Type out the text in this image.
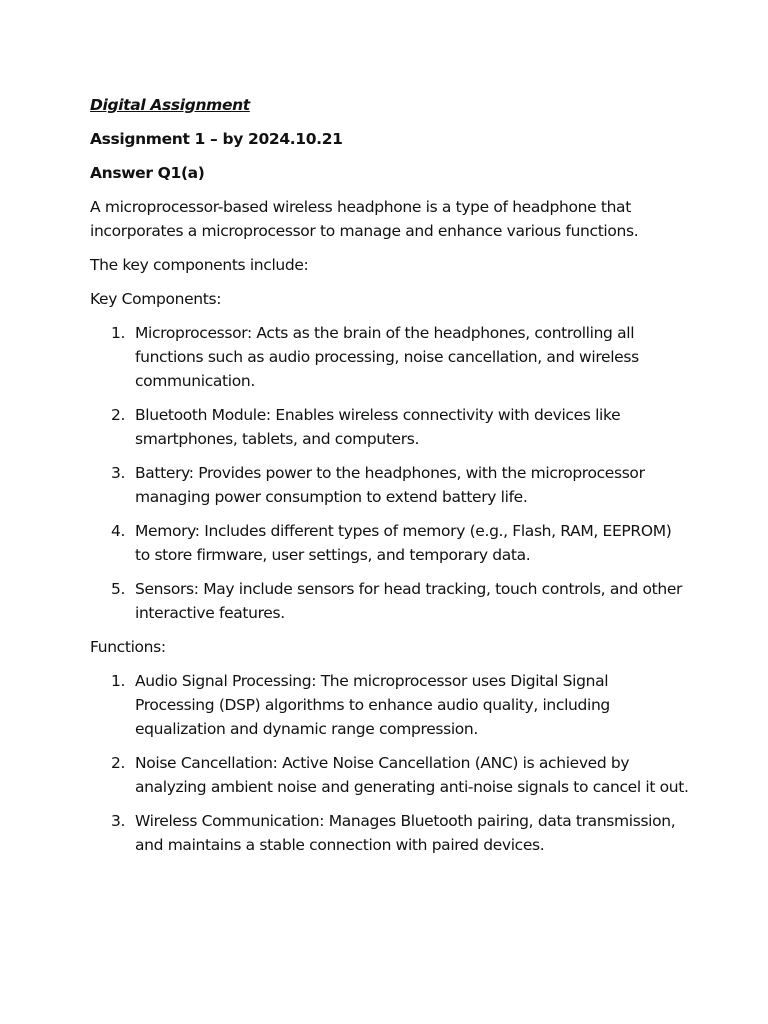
Digital Assignment

Assignment 1 – by 2024.10.21

Answer Q1(a)

A microprocessor-based wireless headphone is a type of headphone that incorporates a microprocessor to manage and enhance various functions.

The key components include:

Key Components:

1. Microprocessor: Acts as the brain of the headphones, controlling all functions such as audio processing, noise cancellation, and wireless communication.
2. Bluetooth Module: Enables wireless connectivity with devices like smartphones, tablets, and computers.
3. Battery: Provides power to the headphones, with the microprocessor managing power consumption to extend battery life.
4. Memory: Includes different types of memory (e.g., Flash, RAM, EEPROM) to store firmware, user settings, and temporary data.
5. Sensors: May include sensors for head tracking, touch controls, and other interactive features.

Functions:

1. Audio Signal Processing: The microprocessor uses Digital Signal Processing (DSP) algorithms to enhance audio quality, including equalization and dynamic range compression.
2. Noise Cancellation: Active Noise Cancellation (ANC) is achieved by analyzing ambient noise and generating anti-noise signals to cancel it out.
3. Wireless Communication: Manages Bluetooth pairing, data transmission, and maintains a stable connection with paired devices.
